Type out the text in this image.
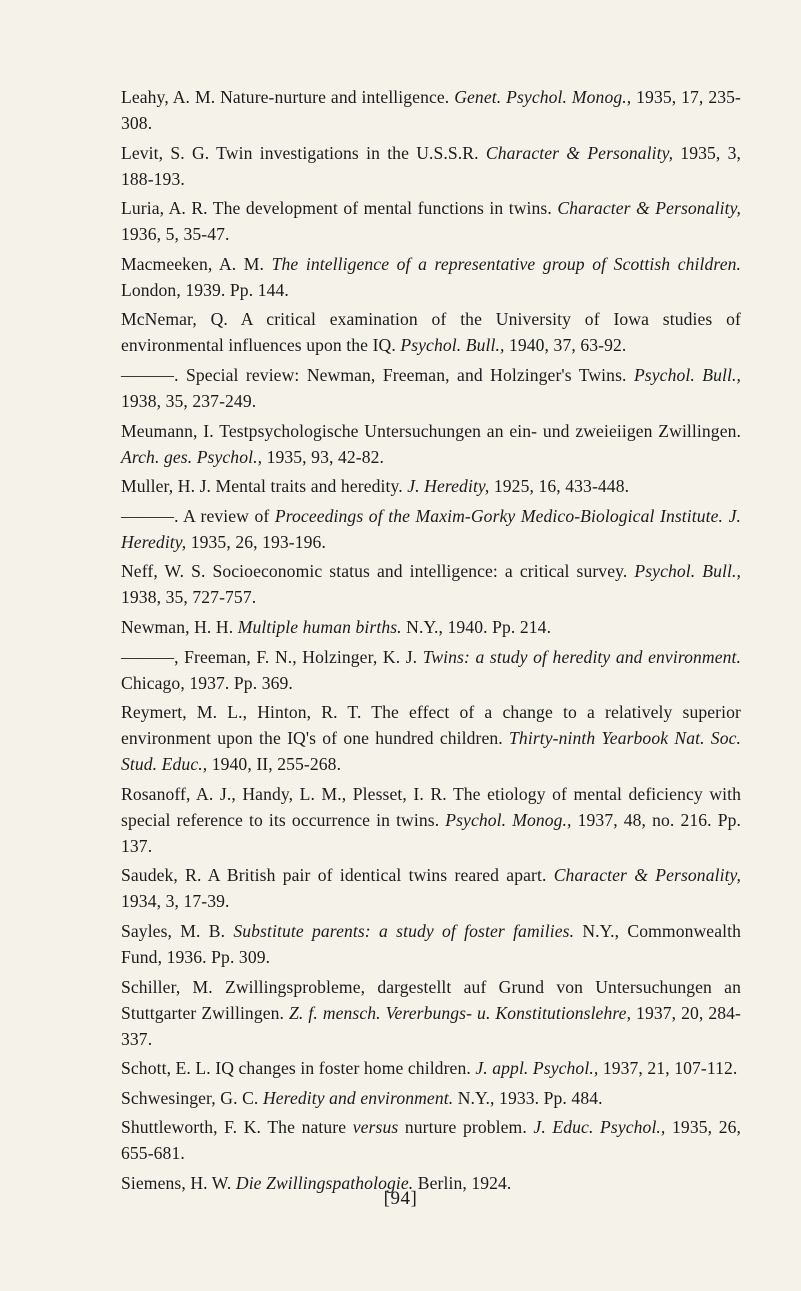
Leahy, A. M. Nature-nurture and intelligence. Genet. Psychol. Monog., 1935, 17, 235-308.
Levit, S. G. Twin investigations in the U.S.S.R. Character & Personality, 1935, 3, 188-193.
Luria, A. R. The development of mental functions in twins. Character & Personality, 1936, 5, 35-47.
Macmeeken, A. M. The intelligence of a representative group of Scottish children. London, 1939. Pp. 144.
McNemar, Q. A critical examination of the University of Iowa studies of environmental influences upon the IQ. Psychol. Bull., 1940, 37, 63-92.
———. Special review: Newman, Freeman, and Holzinger's Twins. Psychol. Bull., 1938, 35, 237-249.
Meumann, I. Testpsychologische Untersuchungen an ein- und zweieiigen Zwillingen. Arch. ges. Psychol., 1935, 93, 42-82.
Muller, H. J. Mental traits and heredity. J. Heredity, 1925, 16, 433-448.
———. A review of Proceedings of the Maxim-Gorky Medico-Biological Institute. J. Heredity, 1935, 26, 193-196.
Neff, W. S. Socioeconomic status and intelligence: a critical survey. Psychol. Bull., 1938, 35, 727-757.
Newman, H. H. Multiple human births. N.Y., 1940. Pp. 214.
———, Freeman, F. N., Holzinger, K. J. Twins: a study of heredity and environment. Chicago, 1937. Pp. 369.
Reymert, M. L., Hinton, R. T. The effect of a change to a relatively superior environment upon the IQ's of one hundred children. Thirty-ninth Yearbook Nat. Soc. Stud. Educ., 1940, II, 255-268.
Rosanoff, A. J., Handy, L. M., Plesset, I. R. The etiology of mental deficiency with special reference to its occurrence in twins. Psychol. Monog., 1937, 48, no. 216. Pp. 137.
Saudek, R. A British pair of identical twins reared apart. Character & Personality, 1934, 3, 17-39.
Sayles, M. B. Substitute parents: a study of foster families. N.Y., Commonwealth Fund, 1936. Pp. 309.
Schiller, M. Zwillingsprobleme, dargestellt auf Grund von Untersuchungen an Stuttgarter Zwillingen. Z. f. mensch. Vererbungs- u. Konstitutionslehre, 1937, 20, 284-337.
Schott, E. L. IQ changes in foster home children. J. appl. Psychol., 1937, 21, 107-112.
Schwesinger, G. C. Heredity and environment. N.Y., 1933. Pp. 484.
Shuttleworth, F. K. The nature versus nurture problem. J. Educ. Psychol., 1935, 26, 655-681.
Siemens, H. W. Die Zwillingspathologie. Berlin, 1924.
[94]
